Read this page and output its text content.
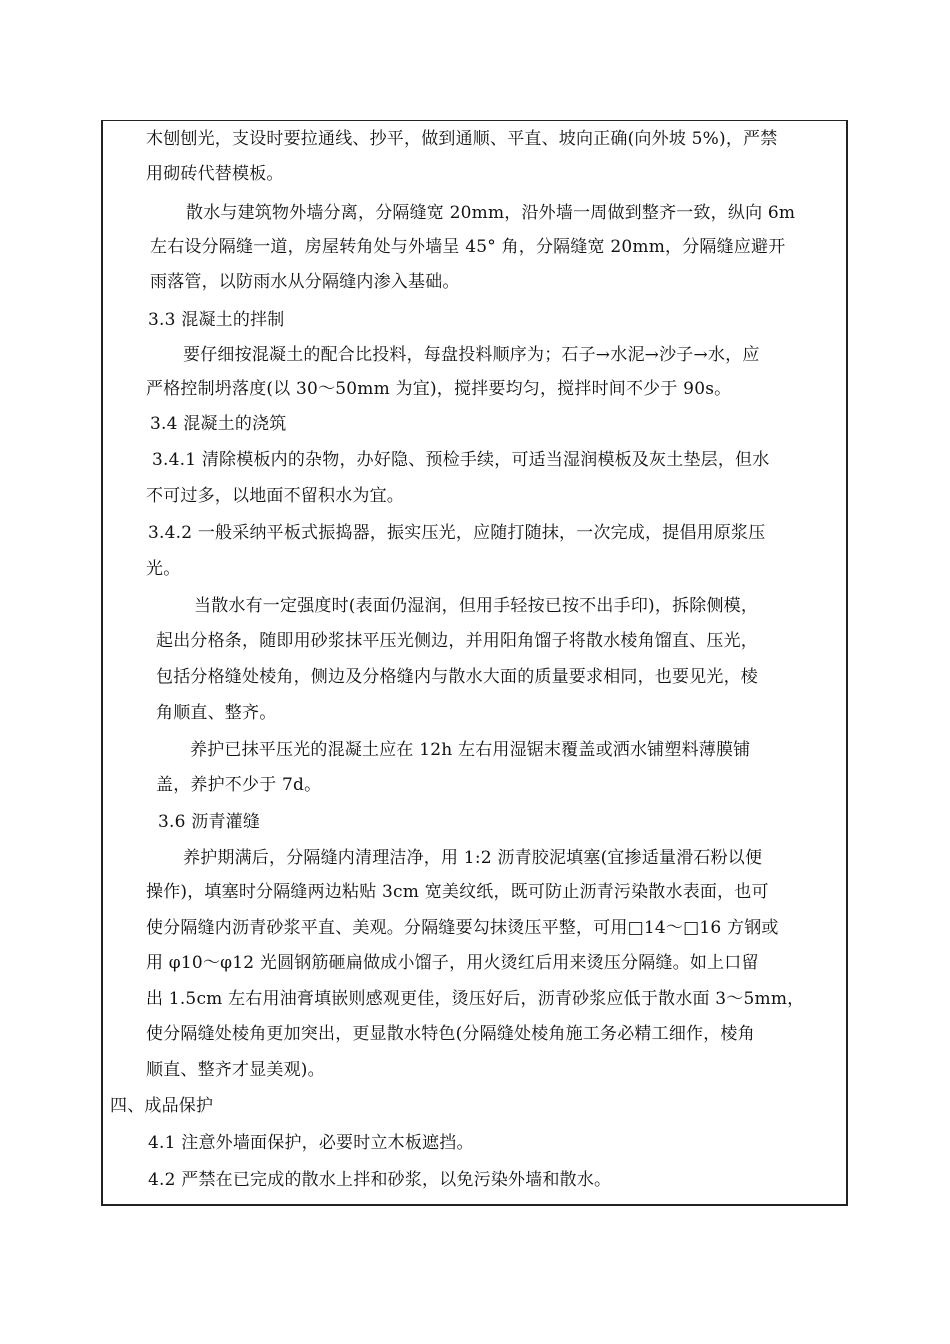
木刨刨光，支设时要拉通线、抄平，做到通顺、平直、坡向正确(向外坡 5%)，严禁
用砌砖代替模板。
散水与建筑物外墙分离，分隔缝宽 20mm，沿外墙一周做到整齐一致，纵向 6m
左右设分隔缝一道，房屋转角处与外墙呈 45° 角，分隔缝宽 20mm，分隔缝应避开
雨落管，以防雨水从分隔缝内渗入基础。
3.3 混凝土的拌制
要仔细按混凝土的配合比投料，每盘投料顺序为；石子→水泥→沙子→水，应
严格控制坍落度(以 30～50mm 为宜)，搅拌要均匀，搅拌时间不少于 90s。
3.4 混凝土的浇筑
3.4.1 清除模板内的杂物，办好隐、预检手续，可适当湿润模板及灰土垫层，但水
不可过多，以地面不留积水为宜。
3.4.2 一般采纳平板式振捣器，振实压光，应随打随抹，一次完成，提倡用原浆压
光。
当散水有一定强度时(表面仍湿润，但用手轻按已按不出手印)，拆除侧模，
起出分格条，随即用砂浆抹平压光侧边，并用阳角馏子将散水棱角馏直、压光，
包括分格缝处棱角，侧边及分格缝内与散水大面的质量要求相同，也要见光，棱
角顺直、整齐。
养护已抹平压光的混凝土应在 12h 左右用湿锯末覆盖或洒水铺塑料薄膜铺
盖，养护不少于 7d。
3.6 沥青灌缝
养护期满后，分隔缝内清理洁净，用 1:2 沥青胶泥填塞(宜掺适量滑石粉以便
操作)，填塞时分隔缝两边粘贴 3cm 宽美纹纸，既可防止沥青污染散水表面，也可
使分隔缝内沥青砂浆平直、美观。分隔缝要勾抹烫压平整，可用□14～□16 方钢或
用 φ10～φ12 光圆钢筋砸扁做成小馏子，用火烫红后用来烫压分隔缝。如上口留
出 1.5cm 左右用油膏填嵌则感观更佳，烫压好后，沥青砂浆应低于散水面 3～5mm，
使分隔缝处棱角更加突出，更显散水特色(分隔缝处棱角施工务必精工细作，棱角
顺直、整齐才显美观)。
四、成品保护
4.1 注意外墙面保护，必要时立木板遮挡。
4.2 严禁在已完成的散水上拌和砂浆，以免污染外墙和散水。
